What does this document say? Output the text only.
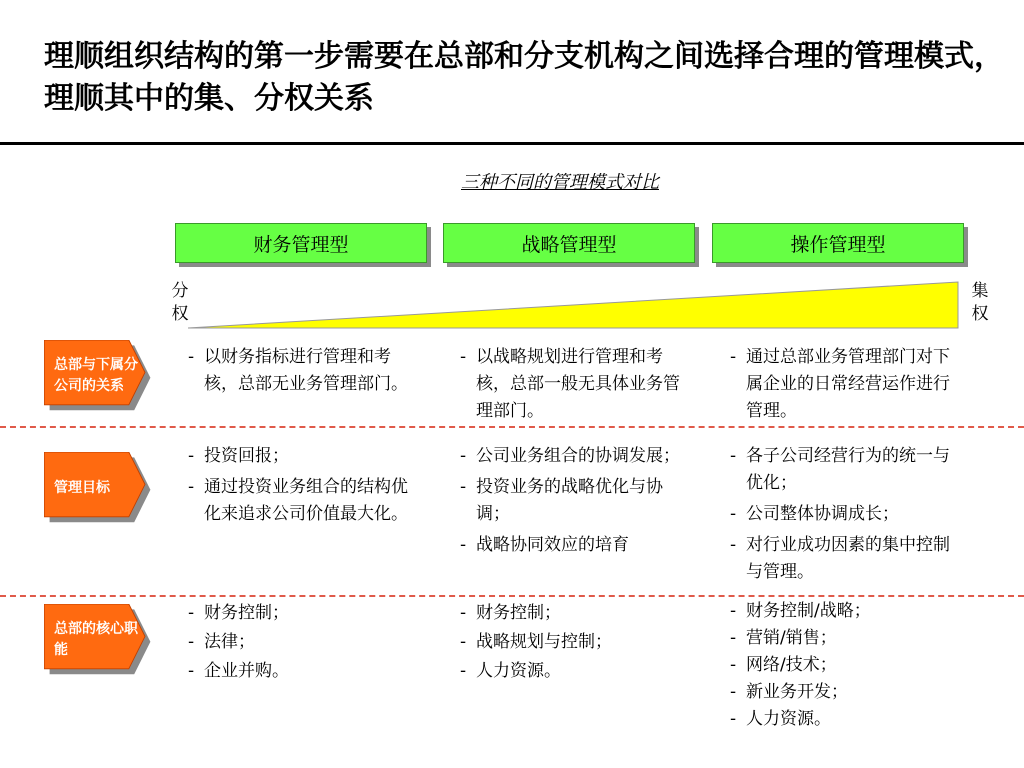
理顺组织结构的第一步需要在总部和分支机构之间选择合理的管理模式，理顺其中的集、分权关系
三种不同的管理模式对比
财务管理型	战略管理型	操作管理型
分权
集权
总部与下属分公司的关系
- 以财务指标进行管理和考核，总部无业务管理部门。
- 以战略规划进行管理和考核，总部一般无具体业务管理部门。
- 通过总部业务管理部门对下属企业的日常经营运作进行管理。
管理目标
- 投资回报；
- 通过投资业务组合的结构优化来追求公司价值最大化。
- 公司业务组合的协调发展；
- 投资业务的战略优化与协调；
- 战略协同效应的培育
- 各子公司经营行为的统一与优化；
- 公司整体协调成长；
- 对行业成功因素的集中控制与管理。
总部的核心职能
- 财务控制；
- 法律；
- 企业并购。
- 财务控制；
- 战略规划与控制；
- 人力资源。
- 财务控制/战略；
- 营销/销售；
- 网络/技术；
- 新业务开发；
- 人力资源。
